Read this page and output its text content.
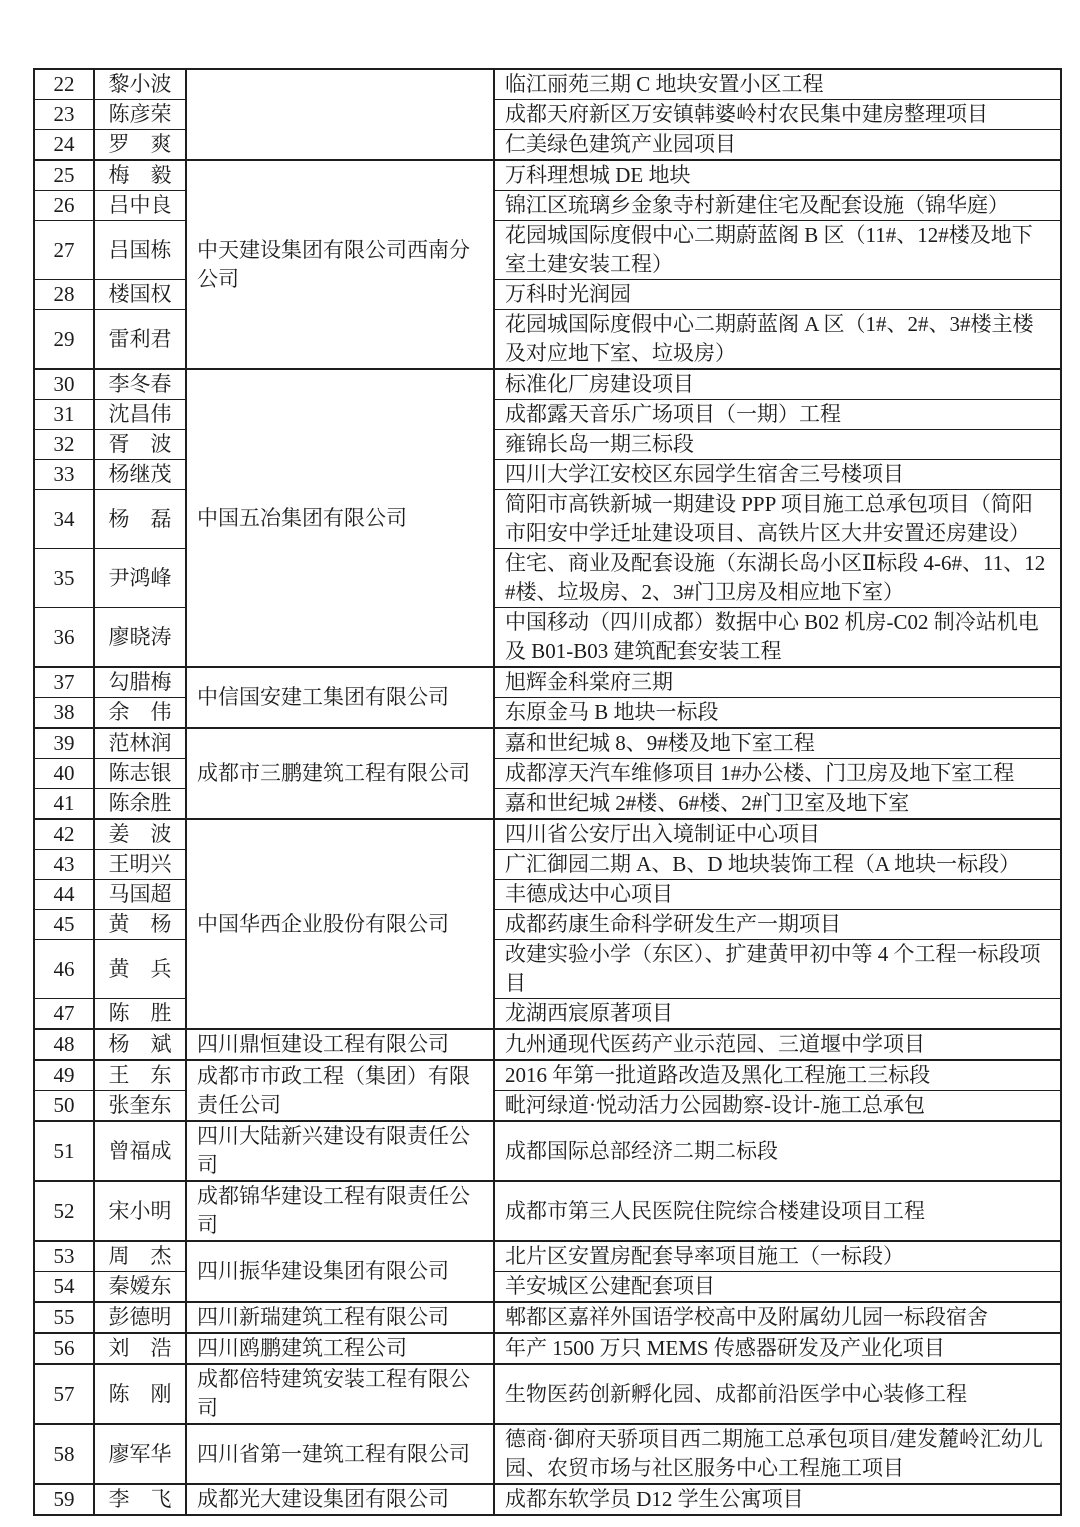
22	黎小波		临江丽苑三期 C 地块安置小区工程
23	陈彦荣		成都天府新区万安镇韩婆岭村农民集中建房整理项目
24	罗　爽		仁美绿色建筑产业园项目
25	梅　毅	中天建设集团有限公司西南分公司	万科理想城 DE 地块
26	吕中良		锦江区琉璃乡金象寺村新建住宅及配套设施（锦华庭）
27	吕国栋		花园城国际度假中心二期蔚蓝阁 B 区（11#、12#楼及地下室土建安装工程）
28	楼国权		万科时光润园
29	雷利君		花园城国际度假中心二期蔚蓝阁 A 区（1#、2#、3#楼主楼及对应地下室、垃圾房）
30	李冬春	中国五冶集团有限公司	标准化厂房建设项目
31	沈昌伟		成都露天音乐广场项目（一期）工程
32	胥　波		雍锦长岛一期三标段
33	杨继茂		四川大学江安校区东园学生宿舍三号楼项目
34	杨　磊		简阳市高铁新城一期建设 PPP 项目施工总承包项目（简阳市阳安中学迁址建设项目、高铁片区大井安置还房建设）
35	尹鸿峰		住宅、商业及配套设施（东湖长岛小区Ⅱ标段 4-6#、11、12#楼、垃圾房、2、3#门卫房及相应地下室）
36	廖晓涛		中国移动（四川成都）数据中心 B02 机房-C02 制冷站机电及 B01-B03 建筑配套安装工程
37	勾腊梅	中信国安建工集团有限公司	旭辉金科棠府三期
38	余　伟		东原金马 B 地块一标段
39	范林润	成都市三鹏建筑工程有限公司	嘉和世纪城 8、9#楼及地下室工程
40	陈志银		成都淳天汽车维修项目 1#办公楼、门卫房及地下室工程
41	陈余胜		嘉和世纪城 2#楼、6#楼、2#门卫室及地下室
42	姜　波	中国华西企业股份有限公司	四川省公安厅出入境制证中心项目
43	王明兴		广汇御园二期 A、B、D 地块装饰工程（A 地块一标段）
44	马国超		丰德成达中心项目
45	黄　杨		成都药康生命科学研发生产一期项目
46	黄　兵		改建实验小学（东区）、扩建黄甲初中等 4 个工程一标段项目
47	陈　胜		龙湖西宸原著项目
48	杨　斌	四川鼎恒建设工程有限公司	九州通现代医药产业示范园、三道堰中学项目
49	王　东	成都市市政工程（集团）有限责任公司	2016 年第一批道路改造及黑化工程施工三标段
50	张奎东		毗河绿道·悦动活力公园勘察-设计-施工总承包
51	曾福成	四川大陆新兴建设有限责任公司	成都国际总部经济二期二标段
52	宋小明	成都锦华建设工程有限责任公司	成都市第三人民医院住院综合楼建设项目工程
53	周　杰	四川振华建设集团有限公司	北片区安置房配套导率项目施工（一标段）
54	秦嫒东		羊安城区公建配套项目
55	彭德明	四川新瑞建筑工程有限公司	郫都区嘉祥外国语学校高中及附属幼儿园一标段宿舍
56	刘　浩	四川鸥鹏建筑工程公司	年产 1500 万只 MEMS 传感器研发及产业化项目
57	陈　刚	成都倍特建筑安装工程有限公司	生物医药创新孵化园、成都前沿医学中心装修工程
58	廖军华	四川省第一建筑工程有限公司	德商·御府天骄项目西二期施工总承包项目/建发麓岭汇幼儿园、农贸市场与社区服务中心工程施工项目
59	李　飞	成都光大建设集团有限公司	成都东软学员 D12 学生公寓项目
